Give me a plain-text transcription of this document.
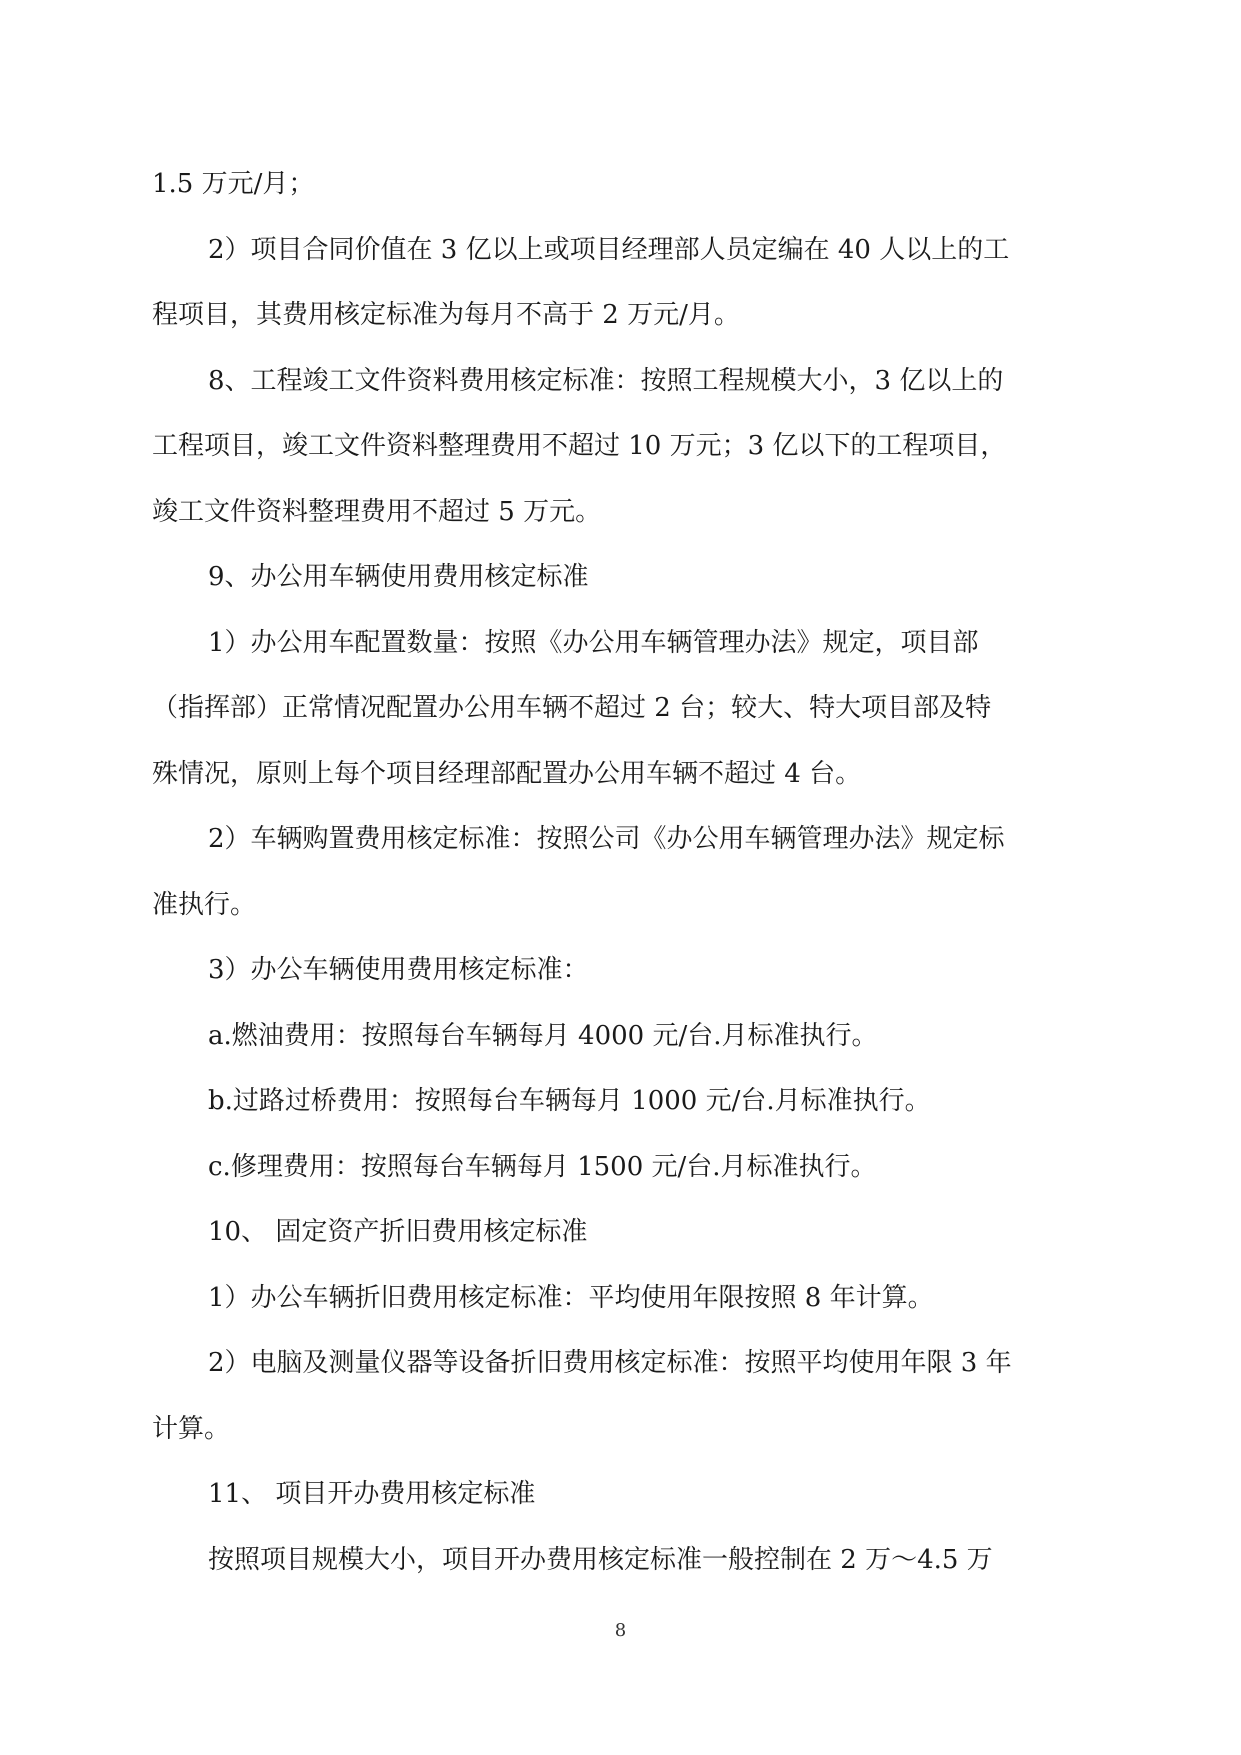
1.5 万元/月；
2）项目合同价值在 3 亿以上或项目经理部人员定编在 40 人以上的工
程项目，其费用核定标准为每月不高于 2 万元/月。
8、工程竣工文件资料费用核定标准：按照工程规模大小，3 亿以上的
工程项目，竣工文件资料整理费用不超过 10 万元；3 亿以下的工程项目，
竣工文件资料整理费用不超过 5 万元。
9、办公用车辆使用费用核定标准
1）办公用车配置数量：按照《办公用车辆管理办法》规定，项目部
（指挥部）正常情况配置办公用车辆不超过 2 台；较大、特大项目部及特
殊情况，原则上每个项目经理部配置办公用车辆不超过 4 台。
2）车辆购置费用核定标准：按照公司《办公用车辆管理办法》规定标
准执行。
3）办公车辆使用费用核定标准：
a.燃油费用：按照每台车辆每月 4000 元/台.月标准执行。
b.过路过桥费用：按照每台车辆每月 1000 元/台.月标准执行。
c.修理费用：按照每台车辆每月 1500 元/台.月标准执行。
10、 固定资产折旧费用核定标准
1）办公车辆折旧费用核定标准：平均使用年限按照 8 年计算。
2）电脑及测量仪器等设备折旧费用核定标准：按照平均使用年限 3 年
计算。
11、 项目开办费用核定标准
按照项目规模大小，项目开办费用核定标准一般控制在 2 万～4.5 万
8
